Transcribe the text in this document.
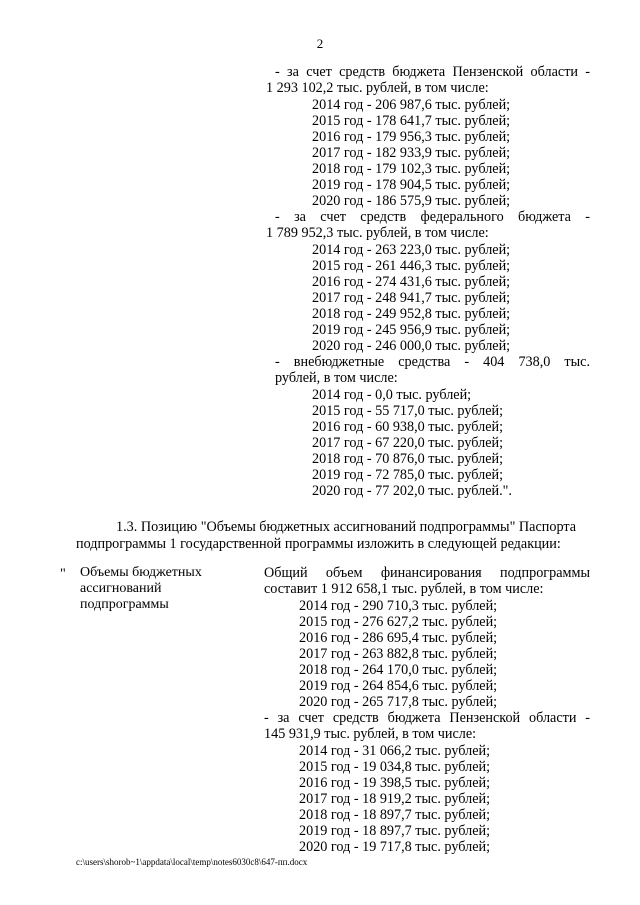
2
- за счет средств бюджета Пензенской области -
1 293 102,2 тыс. рублей, в том числе:
2014 год - 206 987,6 тыс. рублей;
2015 год - 178 641,7 тыс. рублей;
2016 год - 179 956,3 тыс. рублей;
2017 год - 182 933,9 тыс. рублей;
2018 год - 179 102,3 тыс. рублей;
2019 год - 178 904,5 тыс. рублей;
2020 год - 186 575,9 тыс. рублей;
- за счет средств федерального бюджета -
1 789 952,3 тыс. рублей, в том числе:
2014 год - 263 223,0 тыс. рублей;
2015 год - 261 446,3 тыс. рублей;
2016 год - 274 431,6 тыс. рублей;
2017 год - 248 941,7 тыс. рублей;
2018 год - 249 952,8 тыс. рублей;
2019 год - 245 956,9 тыс. рублей;
2020 год - 246 000,0 тыс. рублей;
- внебюджетные средства - 404 738,0 тыс.
рублей, в том числе:
2014 год - 0,0 тыс. рублей;
2015 год - 55 717,0 тыс. рублей;
2016 год - 60 938,0 тыс. рублей;
2017 год - 67 220,0 тыс. рублей;
2018 год - 70 876,0 тыс. рублей;
2019 год - 72 785,0 тыс. рублей;
2020 год - 77 202,0 тыс. рублей.".
1.3. Позицию "Объемы бюджетных ассигнований подпрограммы" Паспорта
подпрограммы 1 государственной программы изложить в следующей редакции:
" Объемы бюджетных
ассигнований
подпрограммы
Общий объем финансирования подпрограммы
составит 1 912 658,1 тыс. рублей, в том числе:
2014 год - 290 710,3 тыс. рублей;
2015 год - 276 627,2 тыс. рублей;
2016 год - 286 695,4 тыс. рублей;
2017 год - 263 882,8 тыс. рублей;
2018 год - 264 170,0 тыс. рублей;
2019 год - 264 854,6 тыс. рублей;
2020 год - 265 717,8 тыс. рублей;
- за счет средств бюджета Пензенской области -
145 931,9 тыс. рублей, в том числе:
2014 год - 31 066,2 тыс. рублей;
2015 год - 19 034,8 тыс. рублей;
2016 год - 19 398,5 тыс. рублей;
2017 год - 18 919,2 тыс. рублей;
2018 год - 18 897,7 тыс. рублей;
2019 год - 18 897,7 тыс. рублей;
2020 год - 19 717,8 тыс. рублей;
c:\users\shorob~1\appdata\local\temp\notes6030c8\647-пп.docx
